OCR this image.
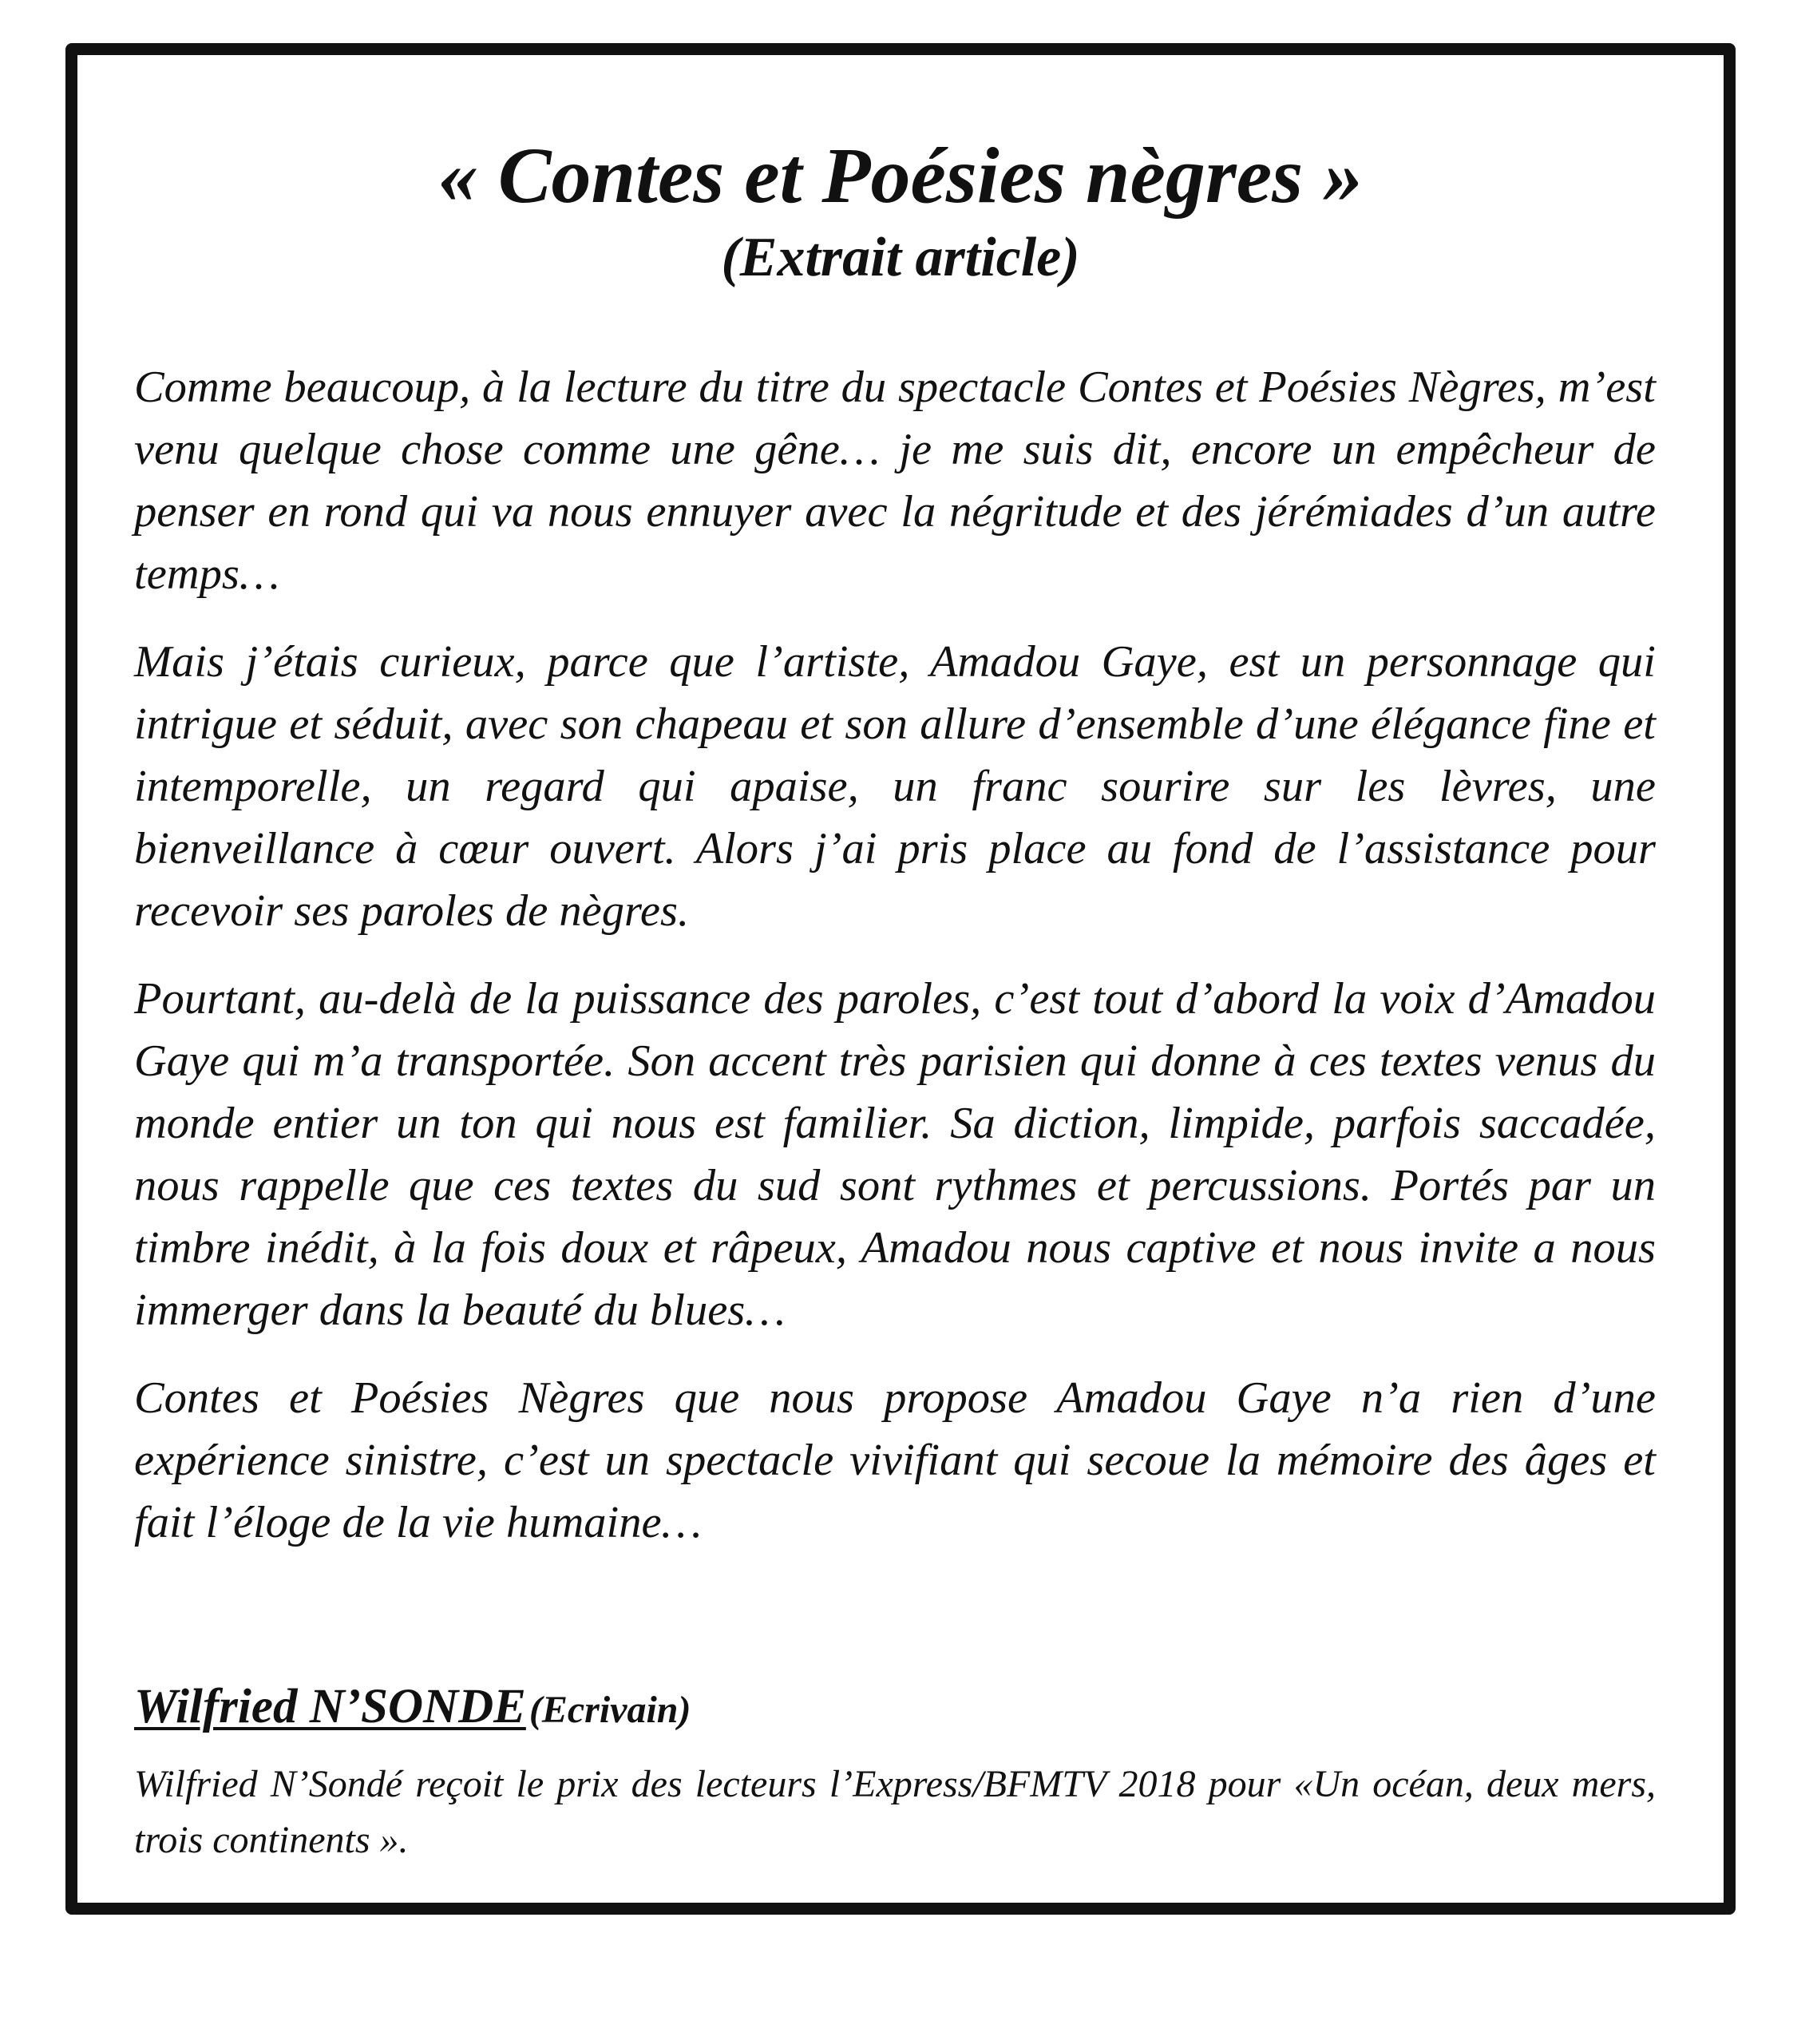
« Contes et Poésies nègres »
(Extrait article)

Comme beaucoup, à la lecture du titre du spectacle Contes et Poésies Nègres, m’est venu quelque chose comme une gêne… je me suis dit, encore un empêcheur de penser en rond qui va nous ennuyer avec la négritude et des jérémiades d’un autre temps…

Mais j’étais curieux, parce que l’artiste, Amadou Gaye, est un personnage qui intrigue et séduit, avec son chapeau et son allure d’ensemble d’une élégance fine et intemporelle, un regard qui apaise, un franc sourire sur les lèvres, une bienveillance à cœur ouvert. Alors j’ai pris place au fond de l’assistance pour recevoir ses paroles de nègres.

Pourtant, au-delà de la puissance des paroles, c’est tout d’abord la voix d’Amadou Gaye qui m’a transportée. Son accent très parisien qui donne à ces textes venus du monde entier un ton qui nous est familier. Sa diction, limpide, parfois saccadée, nous rappelle que ces textes du sud sont rythmes et percussions. Portés par un timbre inédit, à la fois doux et râpeux, Amadou nous captive et nous invite a nous immerger dans la beauté du blues…

Contes et Poésies Nègres que nous propose Amadou Gaye n’a rien d’une expérience sinistre, c’est un spectacle vivifiant qui secoue la mémoire des âges et fait l’éloge de la vie humaine…

Wilfried N’SONDE (Ecrivain)

Wilfried N’Sondé reçoit le prix des lecteurs l’Express/BFMTV 2018 pour «Un océan, deux mers, trois continents ».
